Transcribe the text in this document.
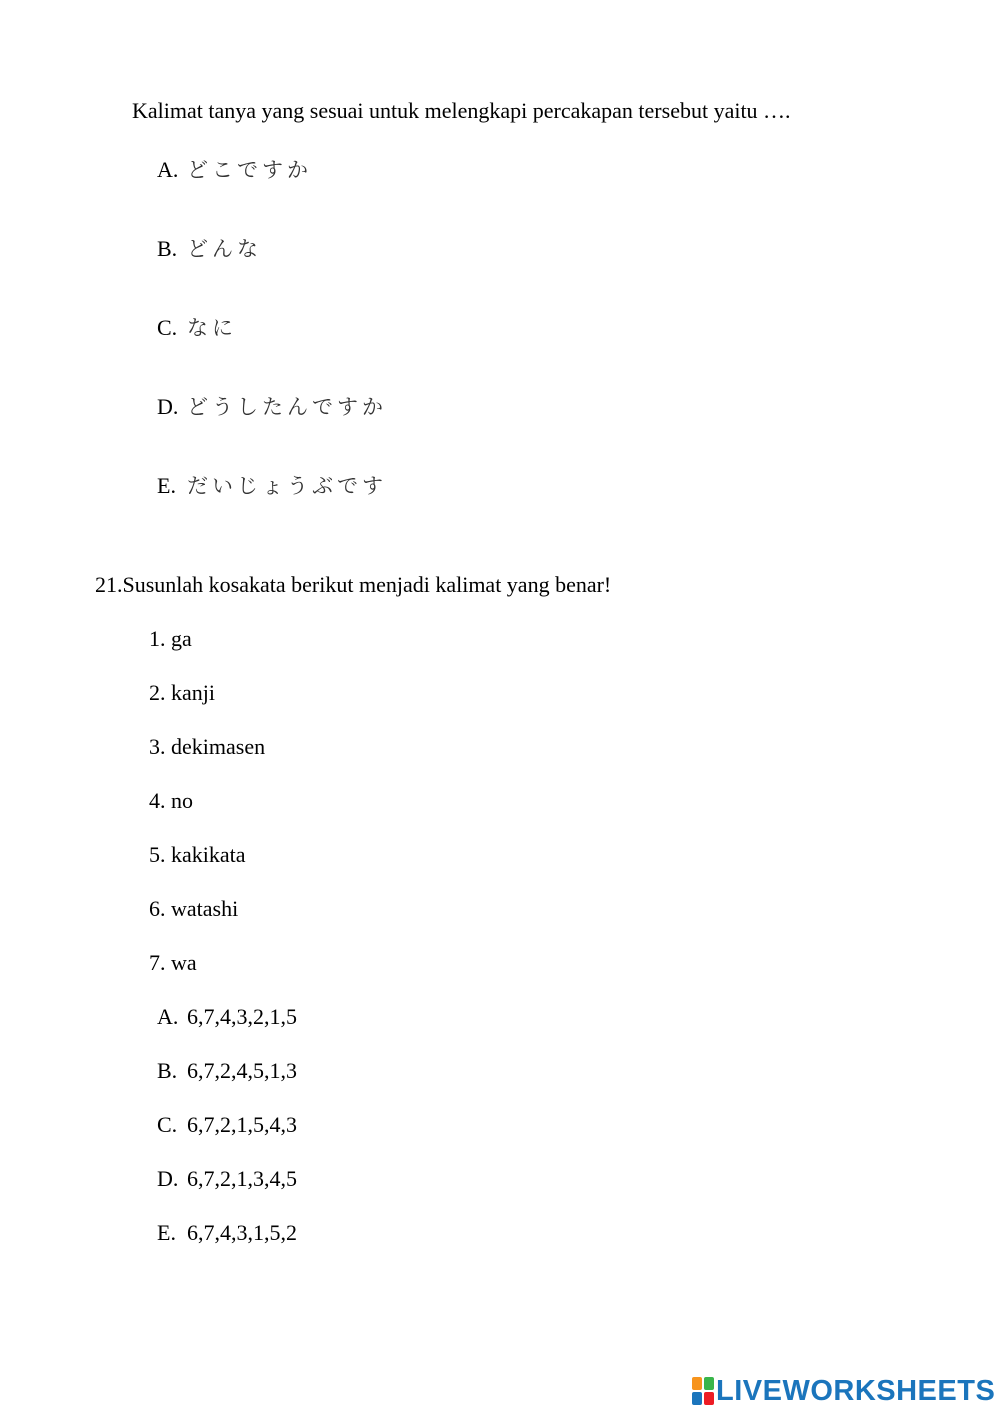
Kalimat tanya yang sesuai untuk melengkapi percakapan tersebut yaitu ….
A. どこですか
B. どんな
C. なに
D. どうしたんですか
E. だいじょうぶです
21.Susunlah kosakata berikut menjadi kalimat yang benar!
1. ga
2. kanji
3. dekimasen
4. no
5. kakikata
6. watashi
7. wa
A. 6,7,4,3,2,1,5
B. 6,7,2,4,5,1,3
C. 6,7,2,1,5,4,3
D. 6,7,2,1,3,4,5
E. 6,7,4,3,1,5,2
LIVEWORKSHEETS
